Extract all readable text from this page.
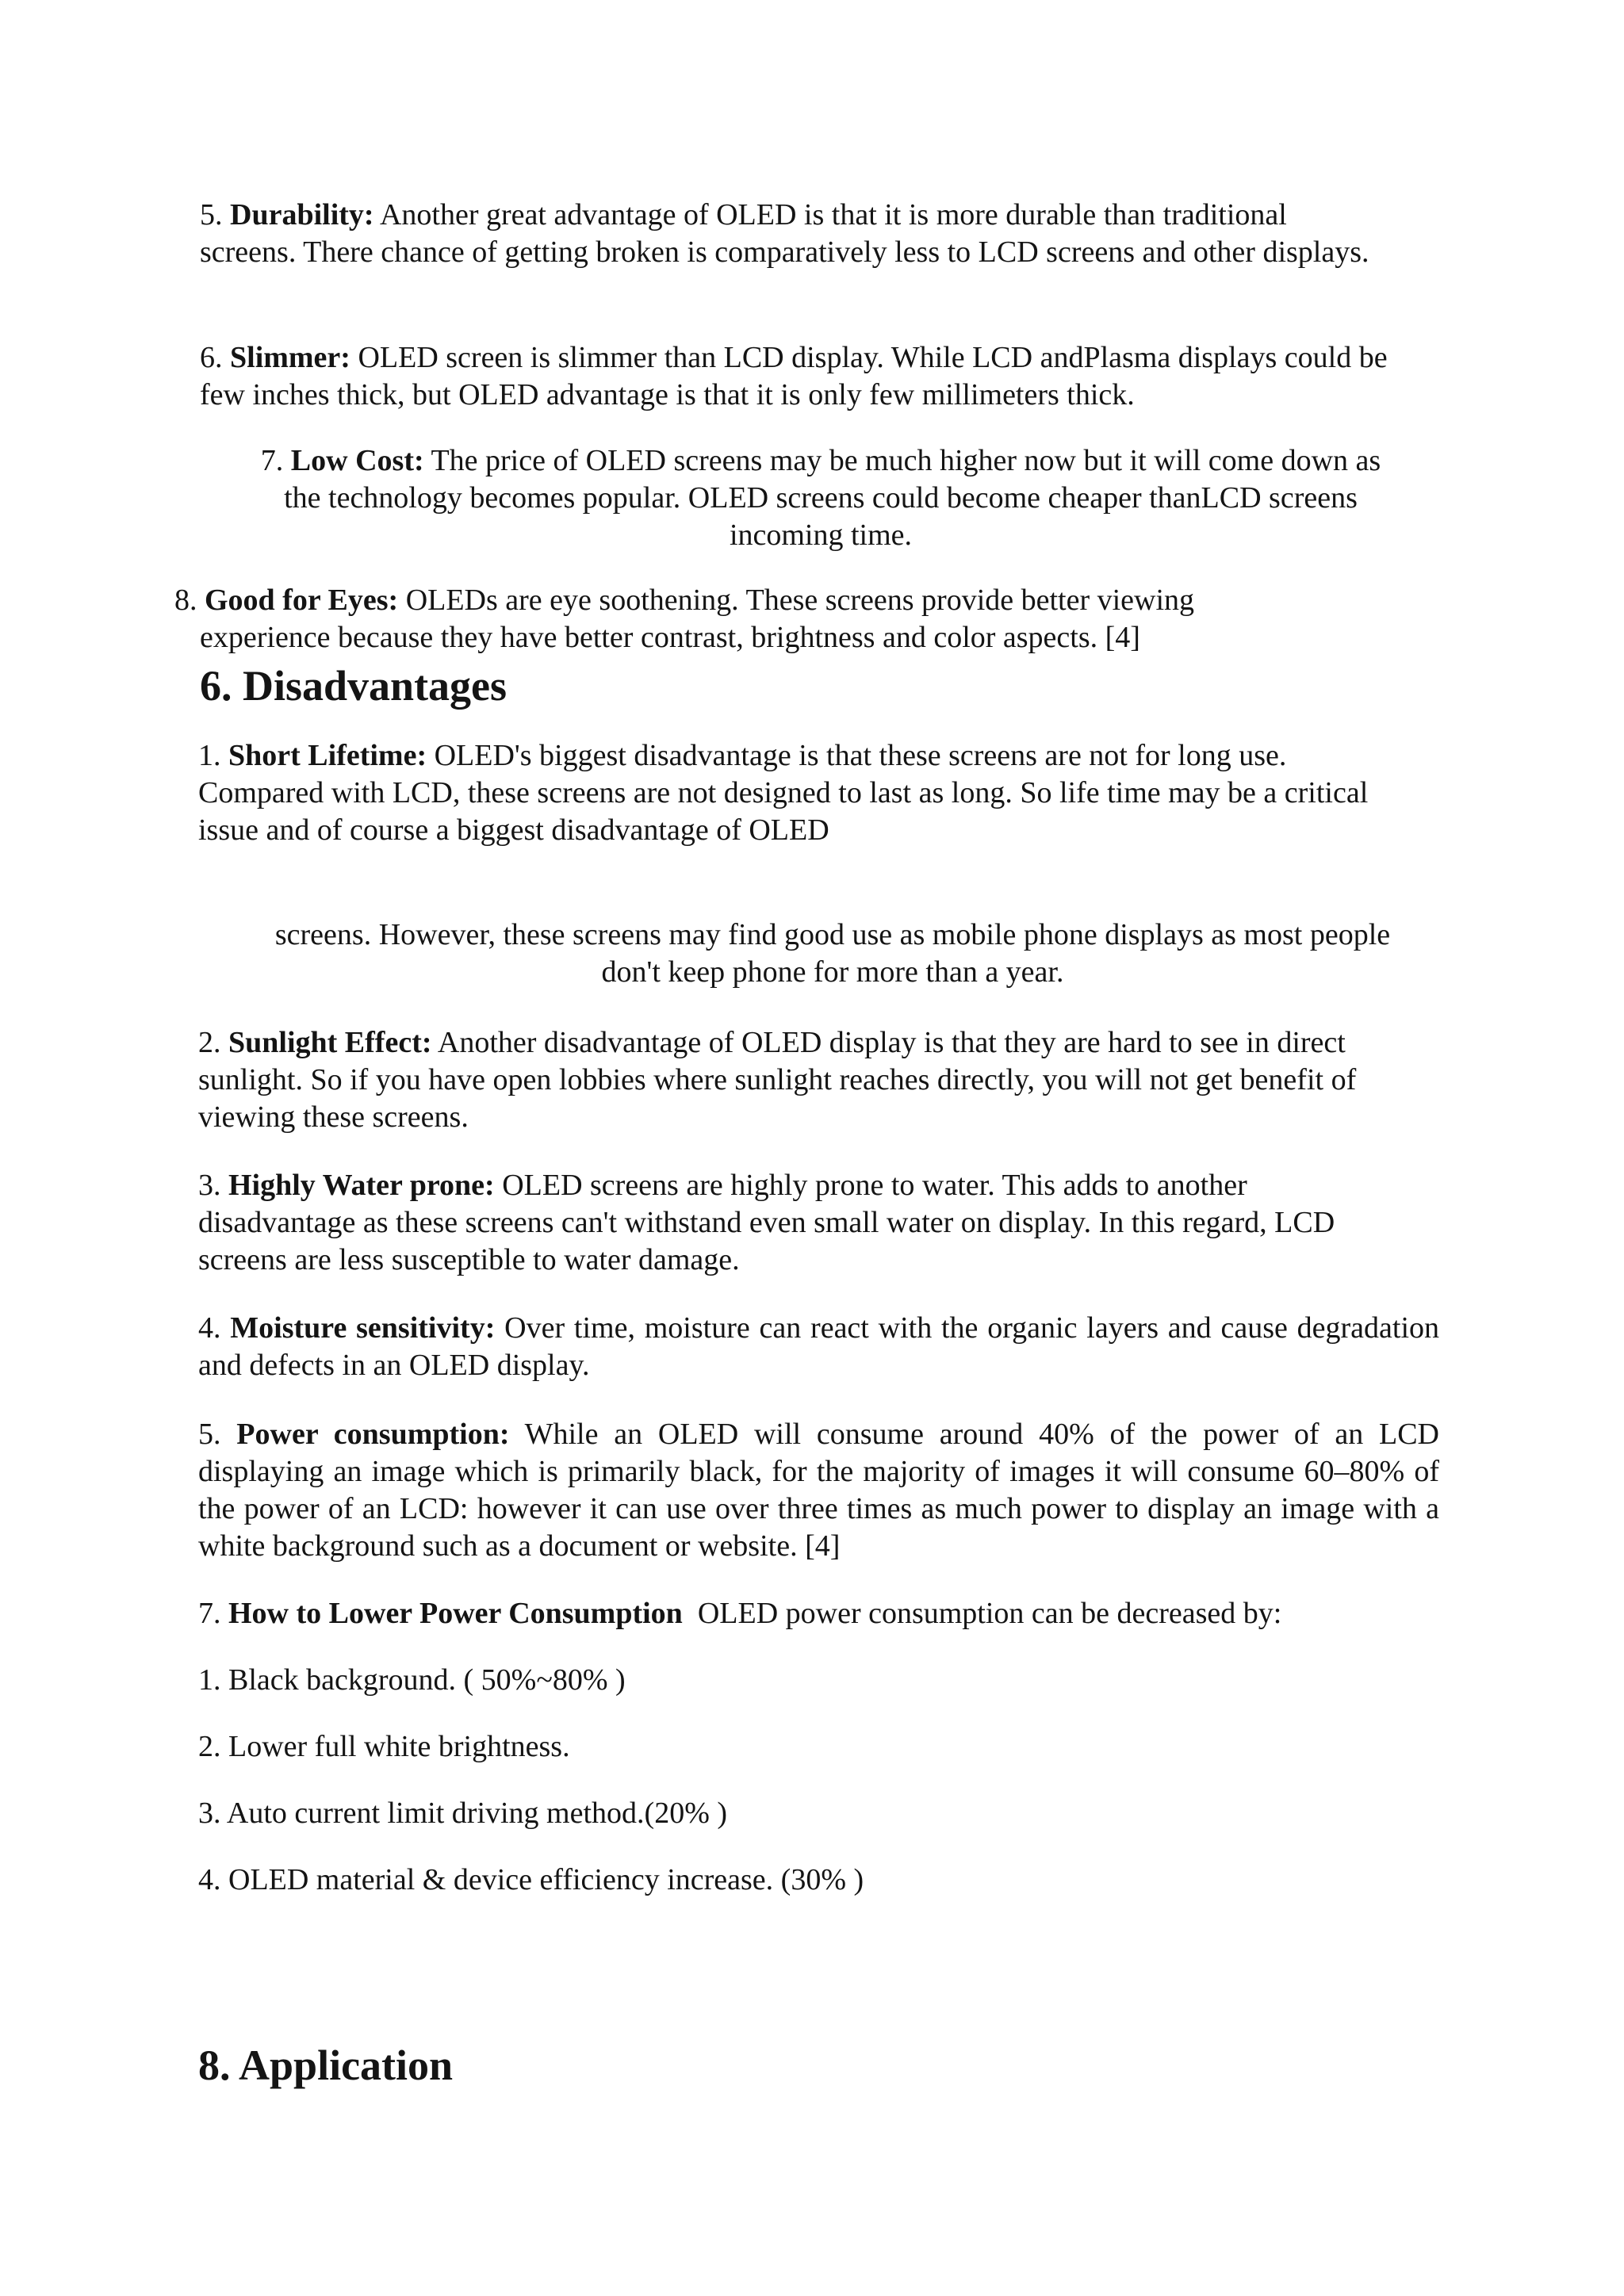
5. Durability: Another great advantage of OLED is that it is more durable than traditional screens. There chance of getting broken is comparatively less to LCD screens and other displays.

6. Slimmer: OLED screen is slimmer than LCD display. While LCD andPlasma displays could be few inches thick, but OLED advantage is that it is only few millimeters thick.

7. Low Cost: The price of OLED screens may be much higher now but it will come down as
the technology becomes popular. OLED screens could become cheaper thanLCD screens
incoming time.

8. Good for Eyes: OLEDs are eye soothening. These screens provide better viewing
experience because they have better contrast, brightness and color aspects. [4]

6. Disadvantages

1. Short Lifetime: OLED's biggest disadvantage is that these screens are not for long use. Compared with LCD, these screens are not designed to last as long. So life time may be a critical issue and of course a biggest disadvantage of OLED

screens. However, these screens may find good use as mobile phone displays as most people
don't keep phone for more than a year.

2. Sunlight Effect: Another disadvantage of OLED display is that they are hard to see in direct sunlight. So if you have open lobbies where sunlight reaches directly, you will not get benefit of viewing these screens.

3. Highly Water prone: OLED screens are highly prone to water. This adds to another disadvantage as these screens can't withstand even small water on display. In this regard, LCD screens are less susceptible to water damage.

4. Moisture sensitivity: Over time, moisture can react with the organic layers and cause degradation and defects in an OLED display.

5. Power consumption: While an OLED will consume around 40% of the power of an LCD displaying an image which is primarily black, for the majority of images it will consume 60–80% of the power of an LCD: however it can use over three times as much power to display an image with a white background such as a document or website. [4]

7. How to Lower Power Consumption OLED power consumption can be decreased by:

1. Black background. ( 50%~80% )

2. Lower full white brightness.

3. Auto current limit driving method.(20% )

4. OLED material & device efficiency increase. (30% )

8. Application
